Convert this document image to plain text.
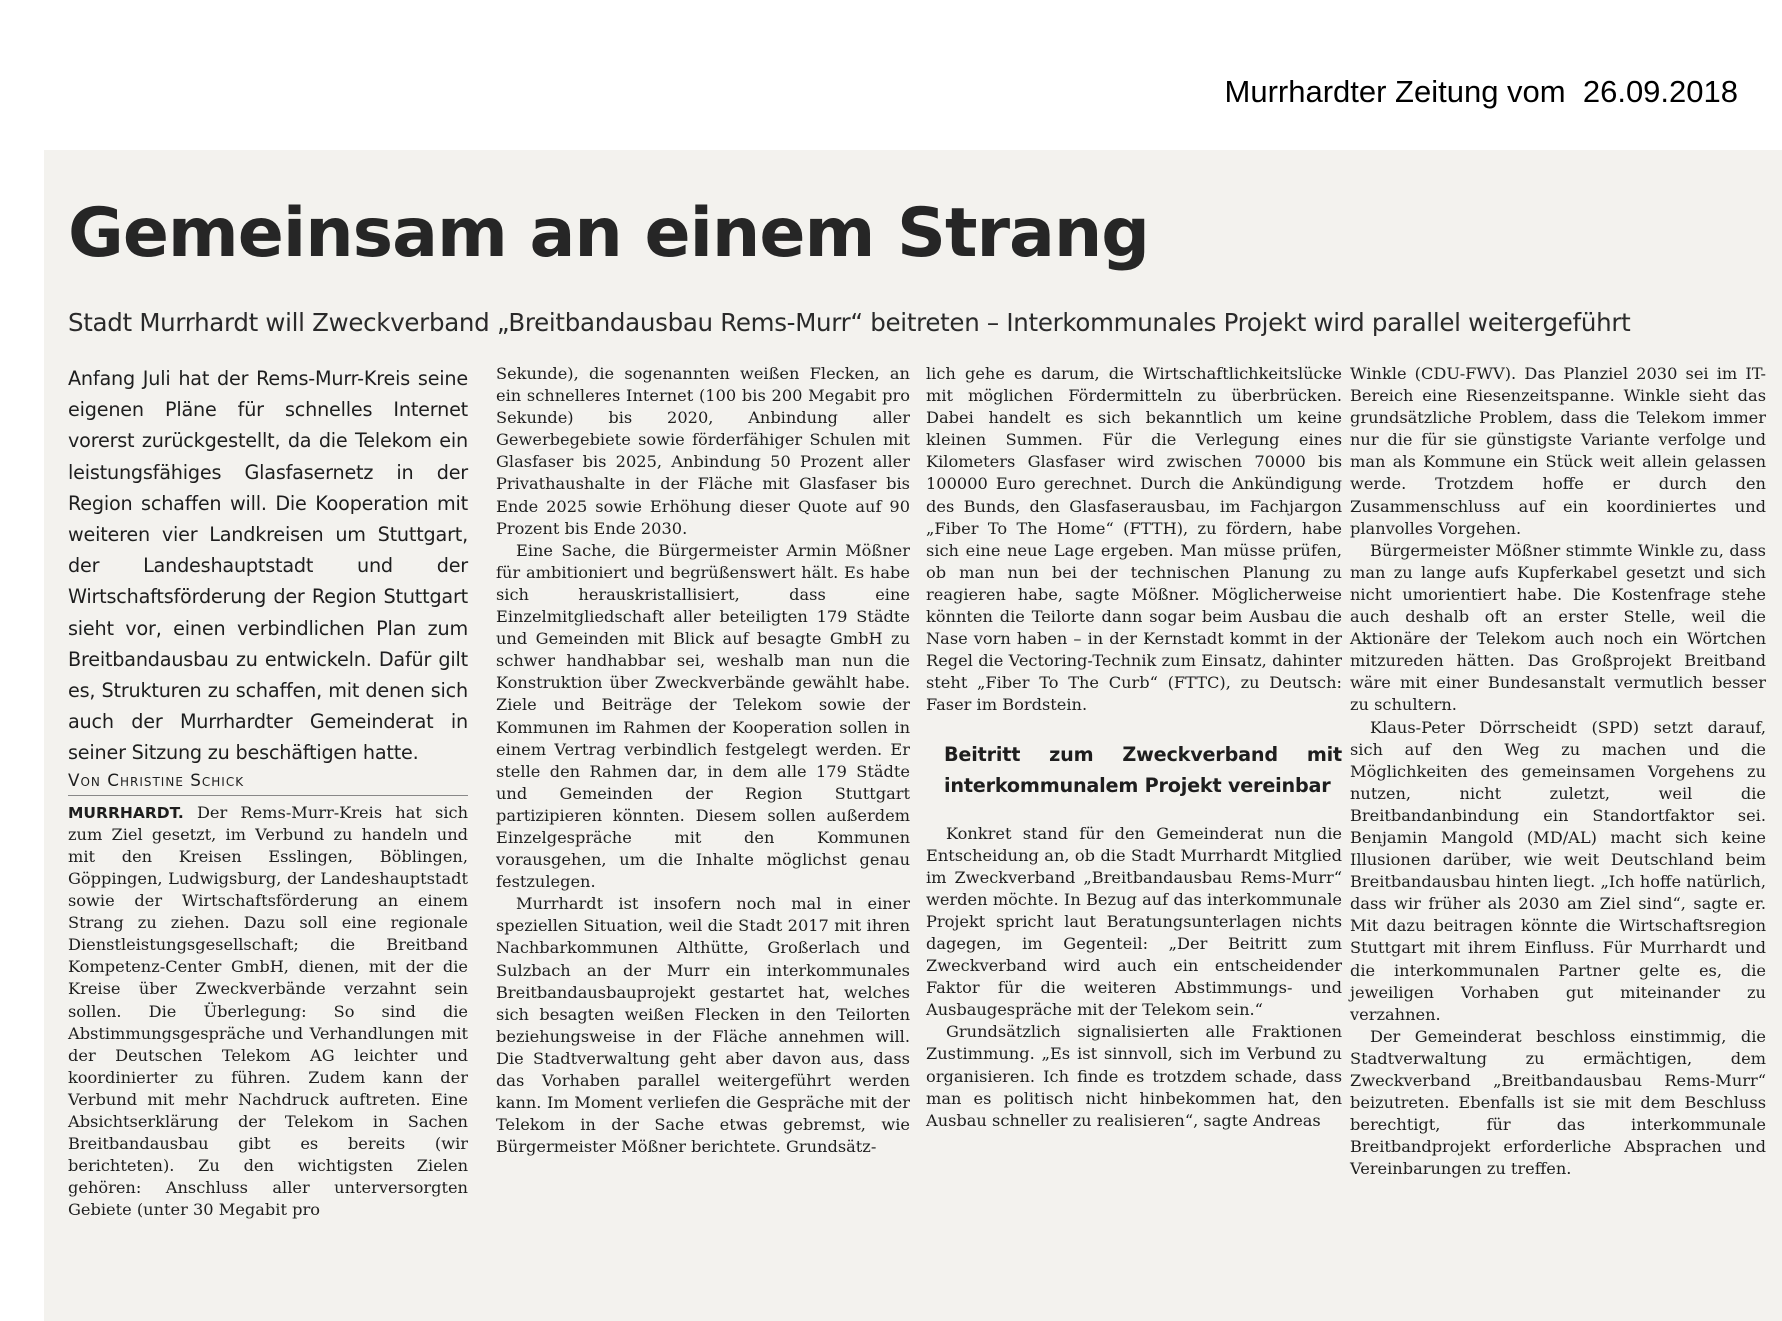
Murrhardter Zeitung vom  26.09.2018
Gemeinsam an einem Strang
Stadt Murrhardt will Zweckverband „Breitbandausbau Rems-Murr“ beitreten – Interkommunales Projekt wird parallel weitergeführt

Anfang Juli hat der Rems-Murr-Kreis seine eigenen Pläne für schnelles Internet vorerst zurückgestellt, da die Telekom ein leistungsfähiges Glasfasernetz in der Region schaffen will. Die Kooperation mit weiteren vier Landkreisen um Stuttgart, der Landeshauptstadt und der Wirtschaftsförderung der Region Stuttgart sieht vor, einen verbindlichen Plan zum Breitbandausbau zu entwickeln. Dafür gilt es, Strukturen zu schaffen, mit denen sich auch der Murrhardter Gemeinderat in seiner Sitzung zu beschäftigen hatte.

Von Christine Schick

MURRHARDT. Der Rems-Murr-Kreis hat sich zum Ziel gesetzt, im Verbund zu handeln und mit den Kreisen Esslingen, Böblingen, Göppingen, Ludwigsburg, der Landeshauptstadt sowie der Wirtschaftsförderung an einem Strang zu ziehen. Dazu soll eine regionale Dienstleistungsgesellschaft; die Breitband Kompetenz-Center GmbH, dienen, mit der die Kreise über Zweckverbände verzahnt sein sollen. Die Überlegung: So sind die Abstimmungsgespräche und Verhandlungen mit der Deutschen Telekom AG leichter und koordinierter zu führen. Zudem kann der Verbund mit mehr Nachdruck auftreten. Eine Absichtserklärung der Telekom in Sachen Breitbandausbau gibt es bereits (wir berichteten). Zu den wichtigsten Zielen gehören: Anschluss aller unterversorgten Gebiete (unter 30 Megabit pro

Sekunde), die sogenannten weißen Flecken, an ein schnelleres Internet (100 bis 200 Megabit pro Sekunde) bis 2020, Anbindung aller Gewerbegebiete sowie förderfähiger Schulen mit Glasfaser bis 2025, Anbindung 50 Prozent aller Privathaushalte in der Fläche mit Glasfaser bis Ende 2025 sowie Erhöhung dieser Quote auf 90 Prozent bis Ende 2030.

Eine Sache, die Bürgermeister Armin Mößner für ambitioniert und begrüßenswert hält. Es habe sich herauskristallisiert, dass eine Einzelmitgliedschaft aller beteiligten 179 Städte und Gemeinden mit Blick auf besagte GmbH zu schwer handhabbar sei, weshalb man nun die Konstruktion über Zweckverbände gewählt habe. Ziele und Beiträge der Telekom sowie der Kommunen im Rahmen der Kooperation sollen in einem Vertrag verbindlich festgelegt werden. Er stelle den Rahmen dar, in dem alle 179 Städte und Gemeinden der Region Stuttgart partizipieren könnten. Diesem sollen außerdem Einzelgespräche mit den Kommunen vorausgehen, um die Inhalte möglichst genau festzulegen.

Murrhardt ist insofern noch mal in einer speziellen Situation, weil die Stadt 2017 mit ihren Nachbarkommunen Althütte, Großerlach und Sulzbach an der Murr ein interkommunales Breitbandausbauprojekt gestartet hat, welches sich besagten weißen Flecken in den Teilorten beziehungsweise in der Fläche annehmen will. Die Stadtverwaltung geht aber davon aus, dass das Vorhaben parallel weitergeführt werden kann. Im Moment verliefen die Gespräche mit der Telekom in der Sache etwas gebremst, wie Bürgermeister Mößner berichtete. Grundsätz-

lich gehe es darum, die Wirtschaftlichkeitslücke mit möglichen Fördermitteln zu überbrücken. Dabei handelt es sich bekanntlich um keine kleinen Summen. Für die Verlegung eines Kilometers Glasfaser wird zwischen 70000 bis 100000 Euro gerechnet. Durch die Ankündigung des Bunds, den Glasfaserausbau, im Fachjargon „Fiber To The Home“ (FTTH), zu fördern, habe sich eine neue Lage ergeben. Man müsse prüfen, ob man nun bei der technischen Planung zu reagieren habe, sagte Mößner. Möglicherweise könnten die Teilorte dann sogar beim Ausbau die Nase vorn haben – in der Kernstadt kommt in der Regel die Vectoring-Technik zum Einsatz, dahinter steht „Fiber To The Curb“ (FTTC), zu Deutsch: Faser im Bordstein.

Beitritt zum Zweckverband mit interkommunalem Projekt vereinbar

Konkret stand für den Gemeinderat nun die Entscheidung an, ob die Stadt Murrhardt Mitglied im Zweckverband „Breitbandausbau Rems-Murr“ werden möchte. In Bezug auf das interkommunale Projekt spricht laut Beratungsunterlagen nichts dagegen, im Gegenteil: „Der Beitritt zum Zweckverband wird auch ein entscheidender Faktor für die weiteren Abstimmungs- und Ausbaugespräche mit der Telekom sein.“

Grundsätzlich signalisierten alle Fraktionen Zustimmung. „Es ist sinnvoll, sich im Verbund zu organisieren. Ich finde es trotzdem schade, dass man es politisch nicht hinbekommen hat, den Ausbau schneller zu realisieren“, sagte Andreas

Winkle (CDU-FWV). Das Planziel 2030 sei im IT-Bereich eine Riesenzeitspanne. Winkle sieht das grundsätzliche Problem, dass die Telekom immer nur die für sie günstigste Variante verfolge und man als Kommune ein Stück weit allein gelassen werde. Trotzdem hoffe er durch den Zusammenschluss auf ein koordiniertes und planvolles Vorgehen.

Bürgermeister Mößner stimmte Winkle zu, dass man zu lange aufs Kupferkabel gesetzt und sich nicht umorientiert habe. Die Kostenfrage stehe auch deshalb oft an erster Stelle, weil die Aktionäre der Telekom auch noch ein Wörtchen mitzureden hätten. Das Großprojekt Breitband wäre mit einer Bundesanstalt vermutlich besser zu schultern.

Klaus-Peter Dörrscheidt (SPD) setzt darauf, sich auf den Weg zu machen und die Möglichkeiten des gemeinsamen Vorgehens zu nutzen, nicht zuletzt, weil die Breitbandanbindung ein Standortfaktor sei. Benjamin Mangold (MD/AL) macht sich keine Illusionen darüber, wie weit Deutschland beim Breitbandausbau hinten liegt. „Ich hoffe natürlich, dass wir früher als 2030 am Ziel sind“, sagte er. Mit dazu beitragen könnte die Wirtschaftsregion Stuttgart mit ihrem Einfluss. Für Murrhardt und die interkommunalen Partner gelte es, die jeweiligen Vorhaben gut miteinander zu verzahnen.

Der Gemeinderat beschloss einstimmig, die Stadtverwaltung zu ermächtigen, dem Zweckverband „Breitbandausbau Rems-Murr“ beizutreten. Ebenfalls ist sie mit dem Beschluss berechtigt, für das interkommunale Breitbandprojekt erforderliche Absprachen und Vereinbarungen zu treffen.
